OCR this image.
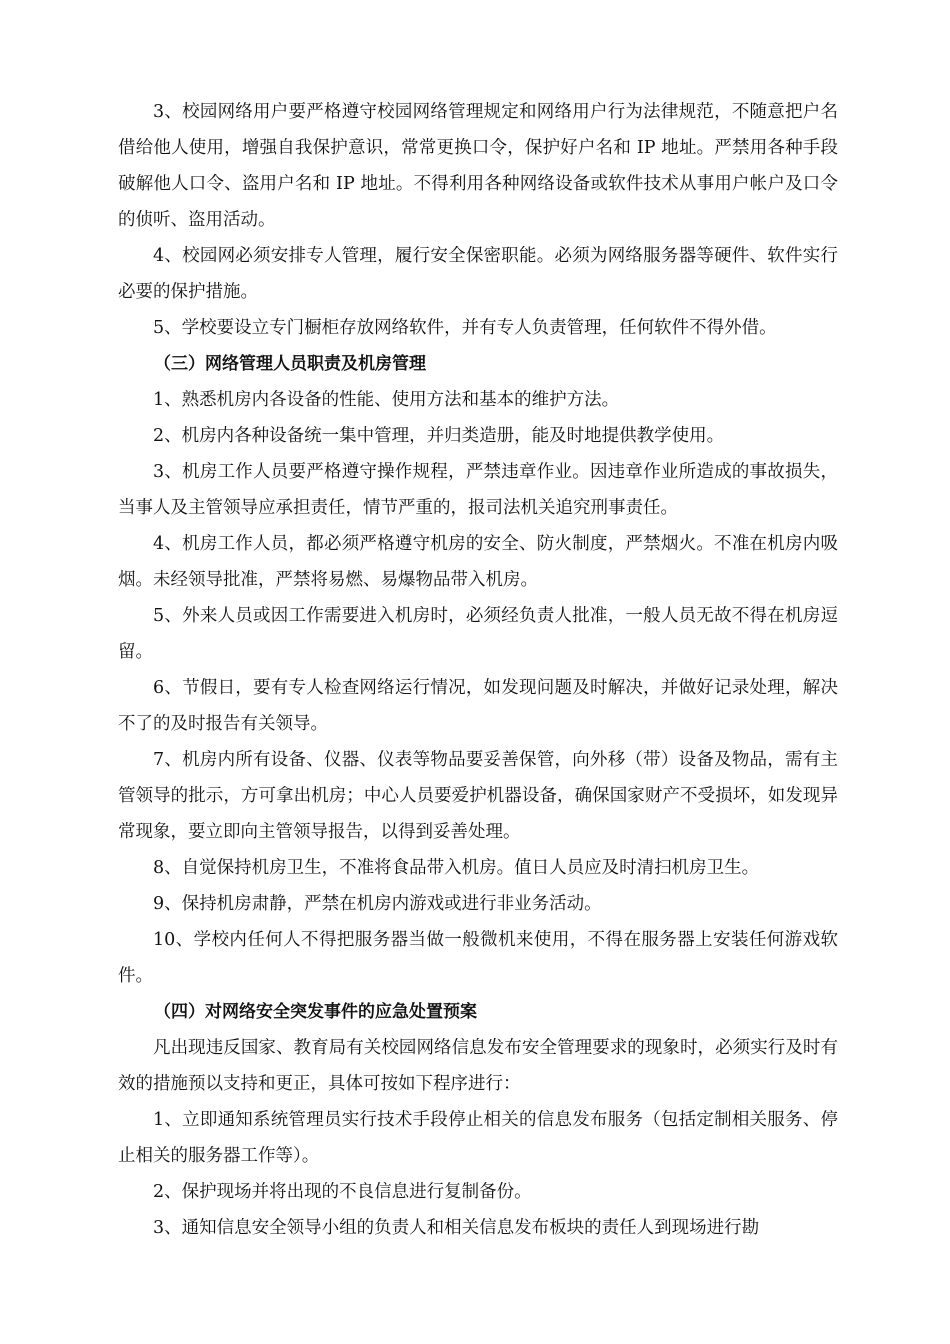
3、校园网络用户要严格遵守校园网络管理规定和网络用户行为法律规范，不随意把户名借给他人使用，增强自我保护意识，常常更换口令，保护好户名和 IP 地址。严禁用各种手段破解他人口令、盗用户名和 IP 地址。不得利用各种网络设备或软件技术从事用户帐户及口令的侦听、盗用活动。

4、校园网必须安排专人管理，履行安全保密职能。必须为网络服务器等硬件、软件实行必要的保护措施。

5、学校要设立专门橱柜存放网络软件，并有专人负责管理，任何软件不得外借。

（三）网络管理人员职责及机房管理

1、熟悉机房内各设备的性能、使用方法和基本的维护方法。

2、机房内各种设备统一集中管理，并归类造册，能及时地提供教学使用。

3、机房工作人员要严格遵守操作规程，严禁违章作业。因违章作业所造成的事故损失，当事人及主管领导应承担责任，情节严重的，报司法机关追究刑事责任。

4、机房工作人员，都必须严格遵守机房的安全、防火制度，严禁烟火。不准在机房内吸烟。未经领导批准，严禁将易燃、易爆物品带入机房。

5、外来人员或因工作需要进入机房时，必须经负责人批准，一般人员无故不得在机房逗留。

6、节假日，要有专人检查网络运行情况，如发现问题及时解决，并做好记录处理，解决不了的及时报告有关领导。

7、机房内所有设备、仪器、仪表等物品要妥善保管，向外移（带）设备及物品，需有主管领导的批示，方可拿出机房；中心人员要爱护机器设备，确保国家财产不受损坏，如发现异常现象，要立即向主管领导报告，以得到妥善处理。

8、自觉保持机房卫生，不准将食品带入机房。值日人员应及时清扫机房卫生。

9、保持机房肃静，严禁在机房内游戏或进行非业务活动。

10、学校内任何人不得把服务器当做一般微机来使用，不得在服务器上安装任何游戏软件。

（四）对网络安全突发事件的应急处置预案

凡出现违反国家、教育局有关校园网络信息发布安全管理要求的现象时，必须实行及时有效的措施预以支持和更正，具体可按如下程序进行：

1、立即通知系统管理员实行技术手段停止相关的信息发布服务（包括定制相关服务、停止相关的服务器工作等）。

2、保护现场并将出现的不良信息进行复制备份。

3、通知信息安全领导小组的负责人和相关信息发布板块的责任人到现场进行勘
